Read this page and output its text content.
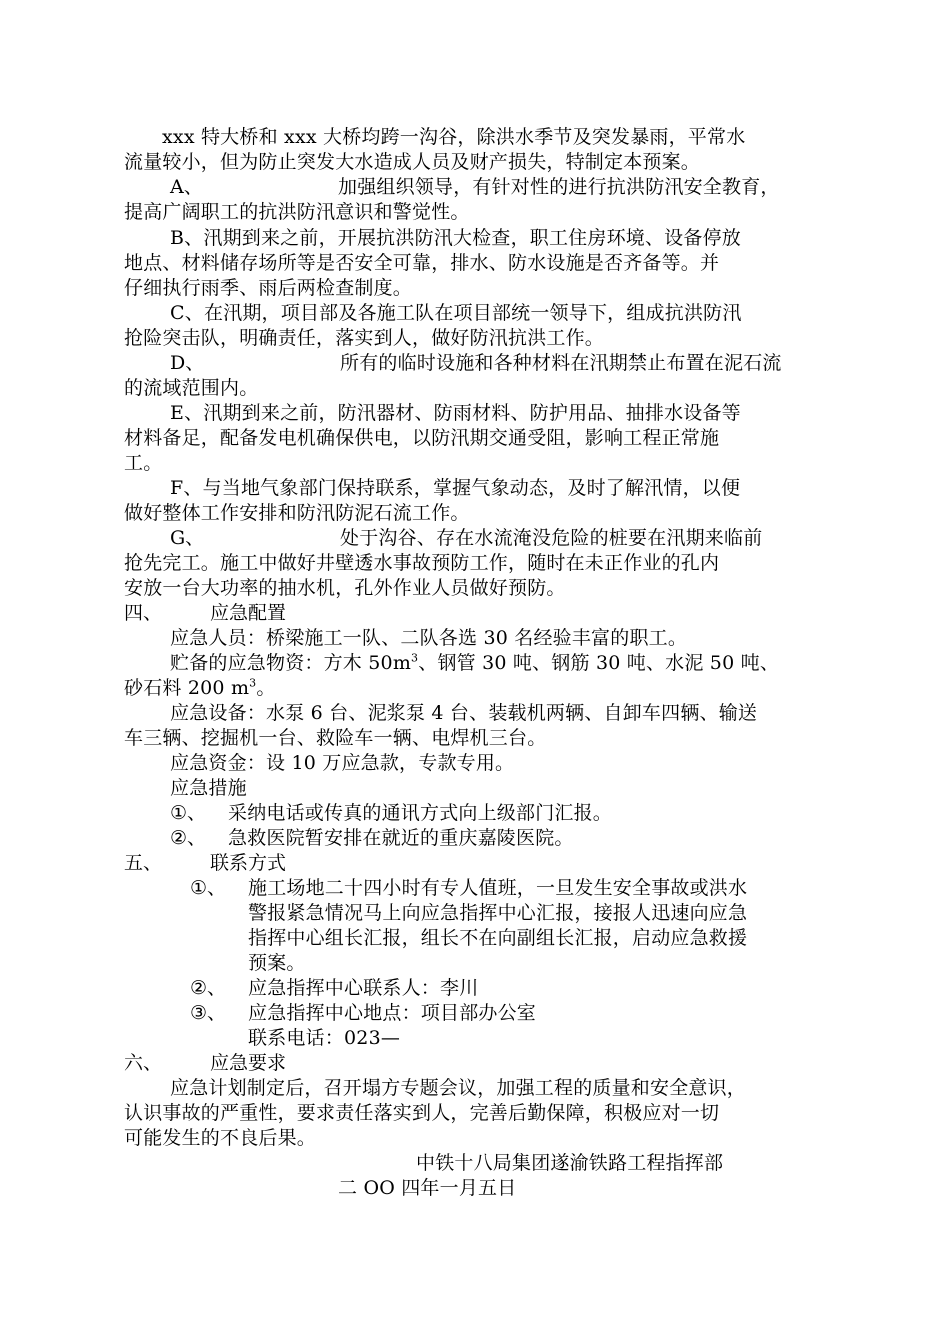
xxx 特大桥和 xxx 大桥均跨一沟谷，除洪水季节及突发暴雨，平常水
流量较小，但为防止突发大水造成人员及财产损失，特制定本预案。
A、	加强组织领导，有针对性的进行抗洪防汛安全教育，
提高广阔职工的抗洪防汛意识和警觉性。
B、汛期到来之前，开展抗洪防汛大检查，职工住房环境、设备停放
地点、材料储存场所等是否安全可靠，排水、防水设施是否齐备等。并
仔细执行雨季、雨后两检查制度。
C、在汛期，项目部及各施工队在项目部统一领导下，组成抗洪防汛
抢险突击队，明确责任，落实到人，做好防汛抗洪工作。
D、	所有的临时设施和各种材料在汛期禁止布置在泥石流
的流域范围内。
E、汛期到来之前，防汛器材、防雨材料、防护用品、抽排水设备等
材料备足，配备发电机确保供电，以防汛期交通受阻，影响工程正常施
工。
F、与当地气象部门保持联系，掌握气象动态，及时了解汛情，以便
做好整体工作安排和防汛防泥石流工作。
G、	处于沟谷、存在水流淹没危险的桩要在汛期来临前
抢先完工。施工中做好井壁透水事故预防工作，随时在未正作业的孔内
安放一台大功率的抽水机，孔外作业人员做好预防。
四、	应急配置
应急人员：桥梁施工一队、二队各选 30 名经验丰富的职工。
贮备的应急物资：方木 $50m^3$、钢管 30 吨、钢筋 30 吨、水泥 50 吨、
砂石料 200 $m^3$。
应急设备：水泵 6 台、泥浆泵 4 台、装载机两辆、自卸车四辆、输送
车三辆、挖掘机一台、救险车一辆、电焊机三台。
应急资金：设 10 万应急款，专款专用。
应急措施
①、 采纳电话或传真的通讯方式向上级部门汇报。
②、 急救医院暂安排在就近的重庆嘉陵医院。
五、	联系方式
①、 施工场地二十四小时有专人值班，一旦发生安全事故或洪水
警报紧急情况马上向应急指挥中心汇报，接报人迅速向应急
指挥中心组长汇报，组长不在向副组长汇报，启动应急救援
预案。
②、 应急指挥中心联系人：李川
③、 应急指挥中心地点：项目部办公室
联系电话：023—
六、	应急要求
应急计划制定后，召开塌方专题会议，加强工程的质量和安全意识，
认识事故的严重性，要求责任落实到人，完善后勤保障，积极应对一切
可能发生的不良后果。
中铁十八局集团遂渝铁路工程指挥部
二 OO 四年一月五日
